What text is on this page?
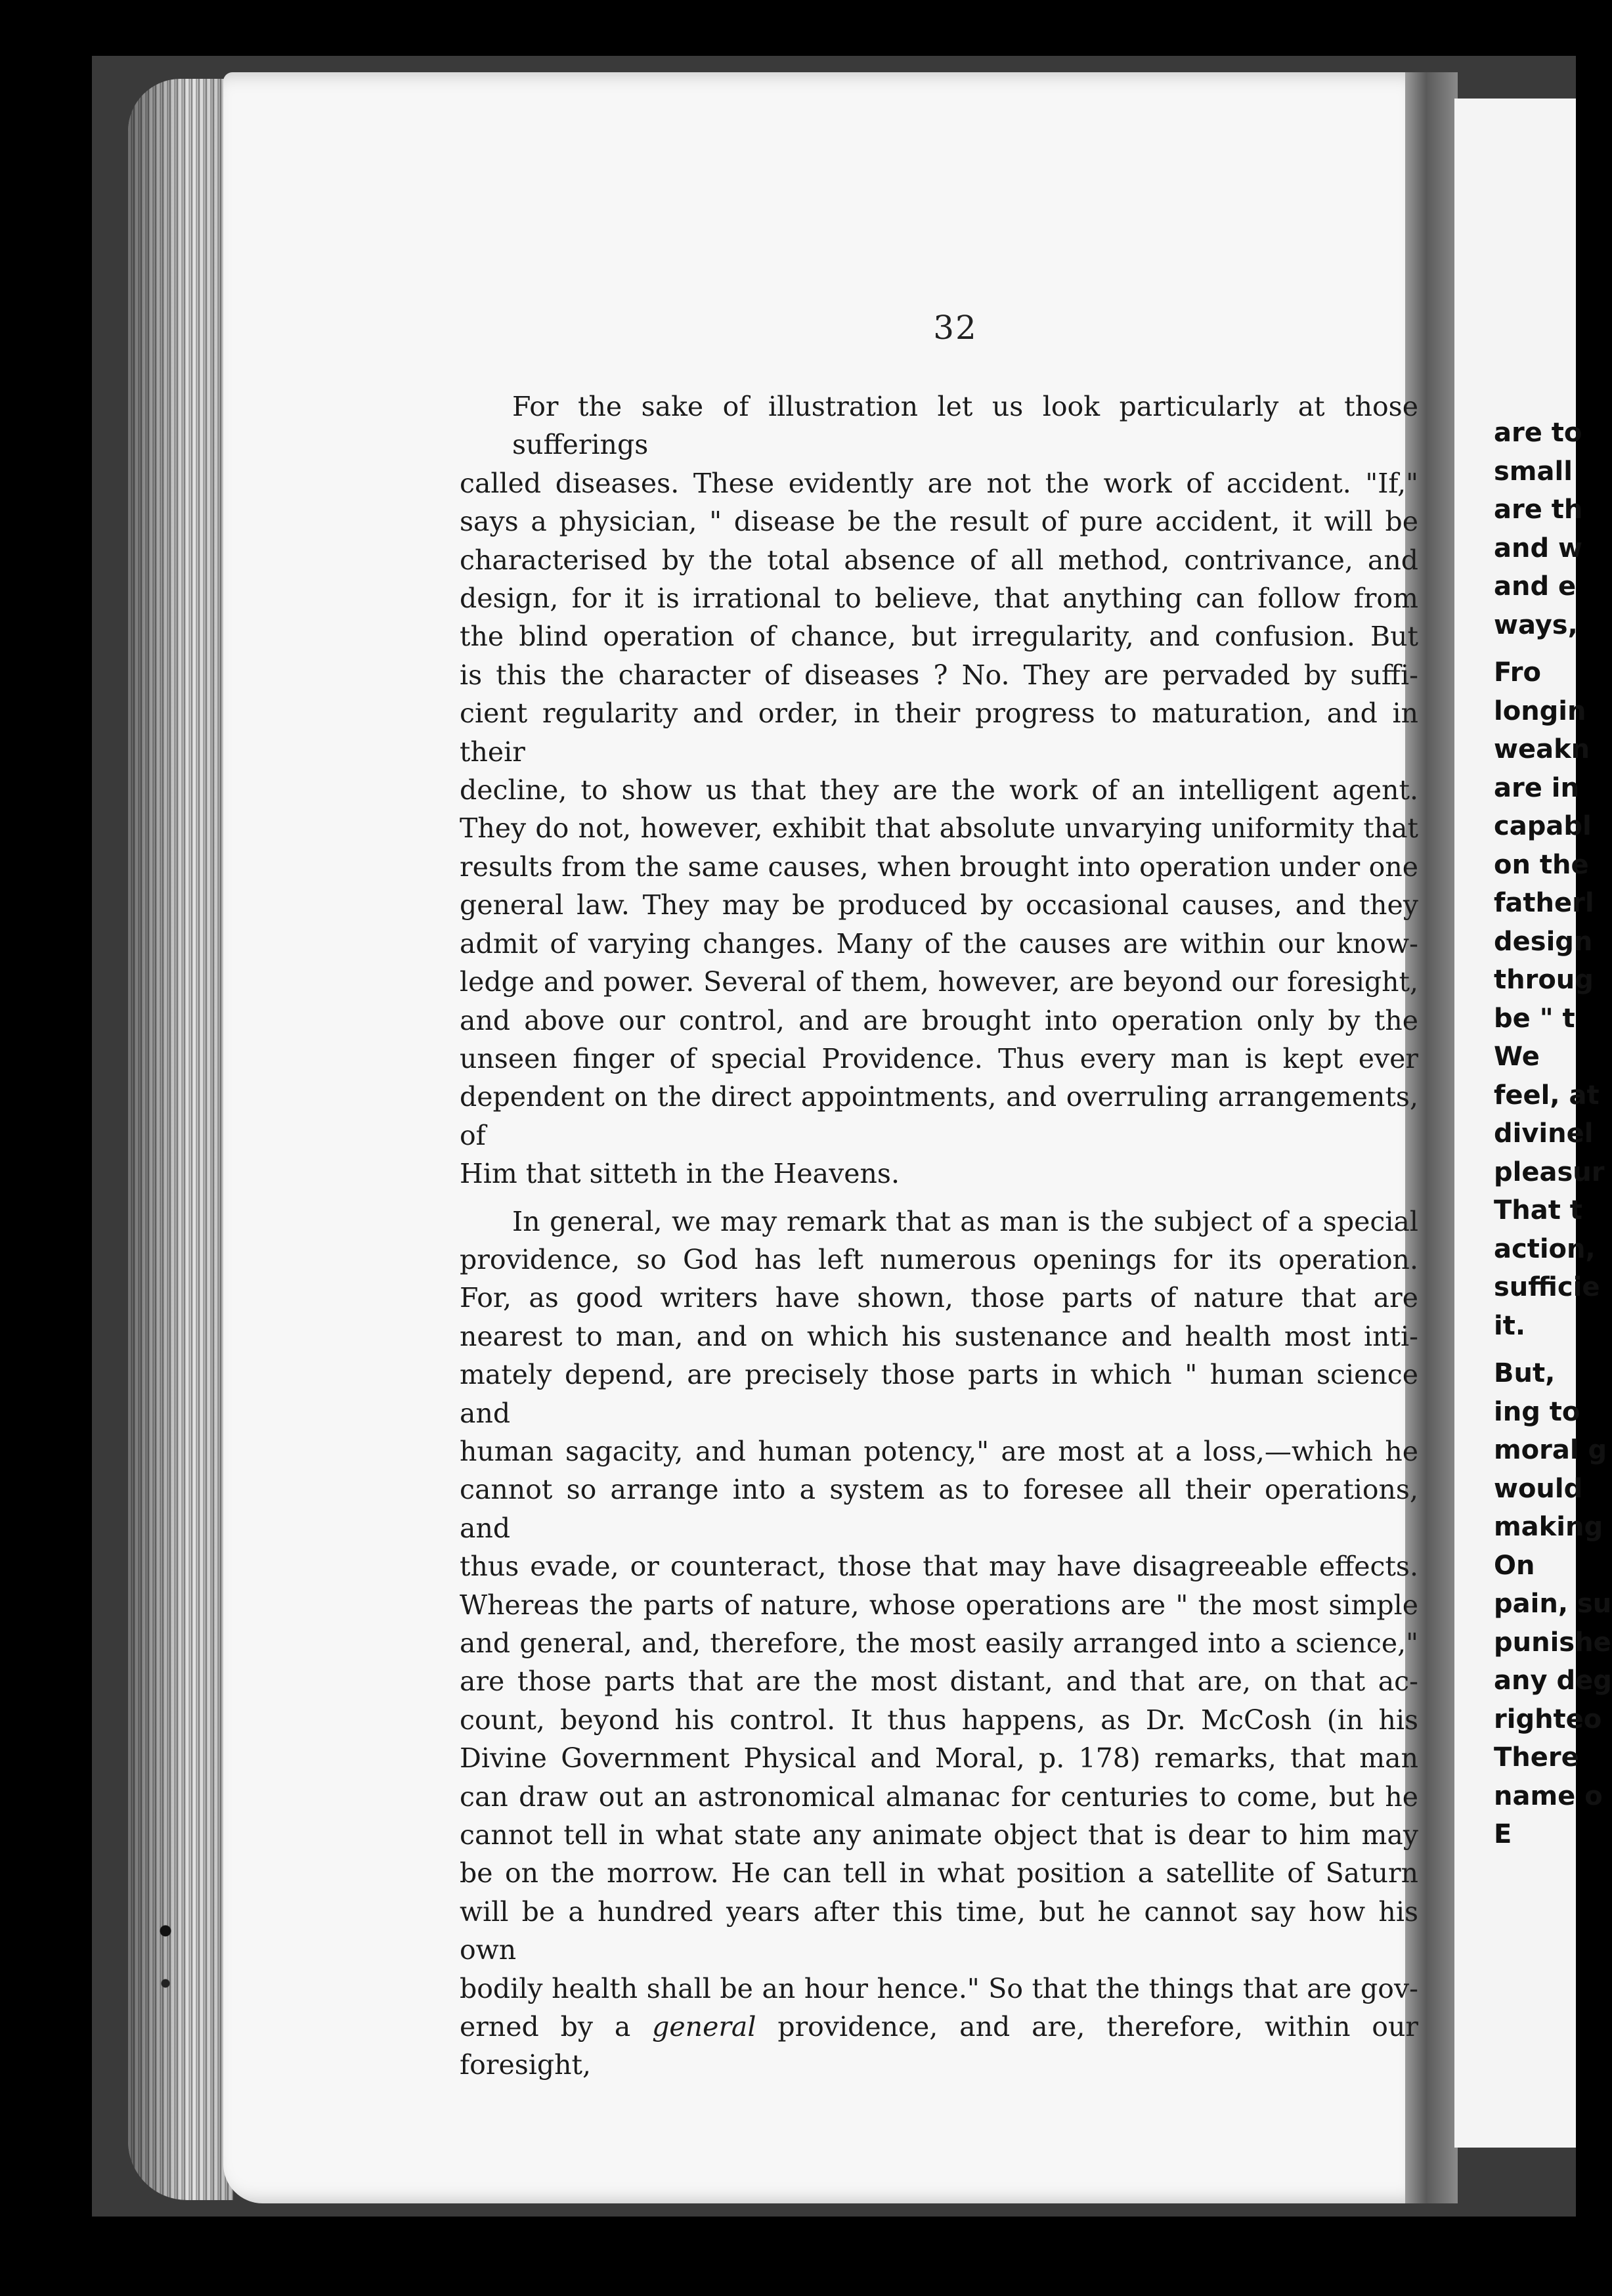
32
For the sake of illustration let us look particularly at those sufferings
called diseases. These evidently are not the work of accident. "If,"
says a physician, " disease be the result of pure accident, it will be
characterised by the total absence of all method, contrivance, and
design, for it is irrational to believe, that anything can follow from
the blind operation of chance, but irregularity, and confusion. But
is this the character of diseases ? No. They are pervaded by suffi-
cient regularity and order, in their progress to maturation, and in their
decline, to show us that they are the work of an intelligent agent.
They do not, however, exhibit that absolute unvarying uniformity that
results from the same causes, when brought into operation under one
general law. They may be produced by occasional causes, and they
admit of varying changes. Many of the causes are within our know-
ledge and power. Several of them, however, are beyond our foresight,
and above our control, and are brought into operation only by the
unseen finger of special Providence. Thus every man is kept ever
dependent on the direct appointments, and overruling arrangements, of
Him that sitteth in the Heavens.
In general, we may remark that as man is the subject of a special
providence, so God has left numerous openings for its operation.
For, as good writers have shown, those parts of nature that are
nearest to man, and on which his sustenance and health most inti-
mately depend, are precisely those parts in which " human science and
human sagacity, and human potency," are most at a loss,—which he
cannot so arrange into a system as to foresee all their operations, and
thus evade, or counteract, those that may have disagreeable effects.
Whereas the parts of nature, whose operations are " the most simple
and general, and, therefore, the most easily arranged into a science,"
are those parts that are the most distant, and that are, on that ac-
count, beyond his control. It thus happens, as Dr. McCosh (in his
Divine Government Physical and Moral, p. 178) remarks, that man
can draw out an astronomical almanac for centuries to come, but he
cannot tell in what state any animate object that is dear to him may
be on the morrow. He can tell in what position a satellite of Saturn
will be a hundred years after this time, but he cannot say how his own
bodily health shall be an hour hence." So that the things that are gov-
erned by a general providence, and are, therefore, within our foresight,
are to
small
are th
and w
and e
ways,
Fro
longin
weakn
are in
capabl
on the
fatherl
design
throug
be " t
We
feel, at
divinel
pleasur
That t
action,
sufficie
it.
But,
ing to
moral g
would
making
On
pain, su
punishe
any deg
righteo
There
name o
E
